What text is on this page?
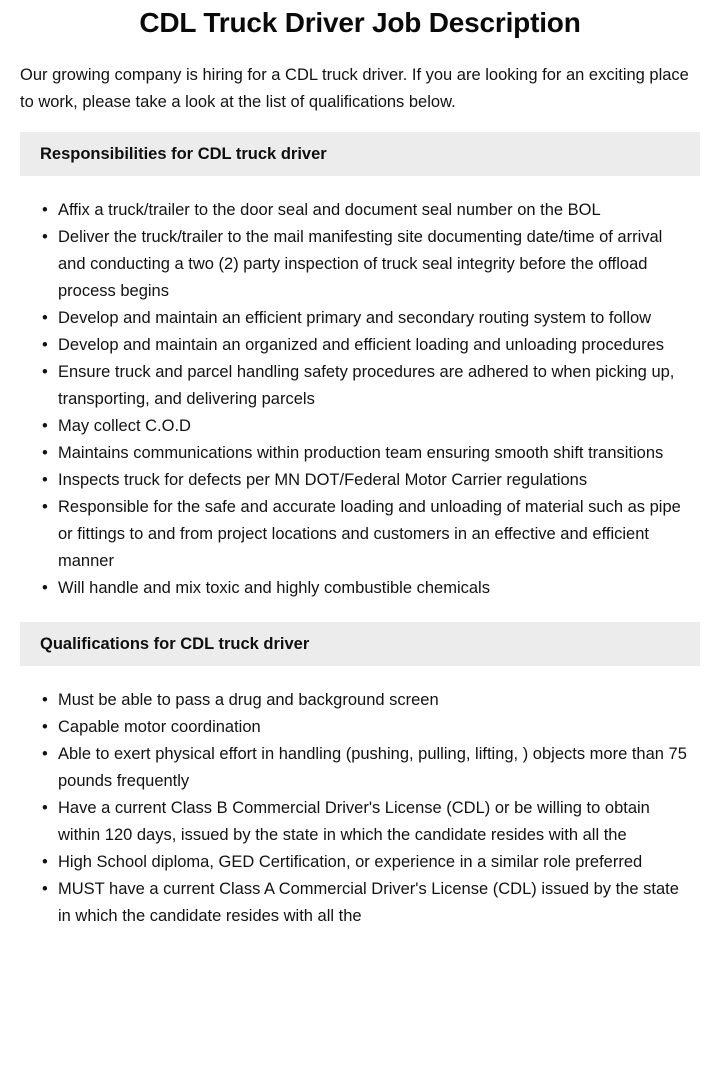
CDL Truck Driver Job Description

Our growing company is hiring for a CDL truck driver. If you are looking for an exciting place to work, please take a look at the list of qualifications below.

Responsibilities for CDL truck driver
• Affix a truck/trailer to the door seal and document seal number on the BOL
• Deliver the truck/trailer to the mail manifesting site documenting date/time of arrival and conducting a two (2) party inspection of truck seal integrity before the offload process begins
• Develop and maintain an efficient primary and secondary routing system to follow
• Develop and maintain an organized and efficient loading and unloading procedures
• Ensure truck and parcel handling safety procedures are adhered to when picking up, transporting, and delivering parcels
• May collect C.O.D
• Maintains communications within production team ensuring smooth shift transitions
• Inspects truck for defects per MN DOT/Federal Motor Carrier regulations
• Responsible for the safe and accurate loading and unloading of material such as pipe or fittings to and from project locations and customers in an effective and efficient manner
• Will handle and mix toxic and highly combustible chemicals
Qualifications for CDL truck driver
• Must be able to pass a drug and background screen
• Capable motor coordination
• Able to exert physical effort in handling (pushing, pulling, lifting, ) objects more than 75 pounds frequently
• Have a current Class B Commercial Driver's License (CDL) or be willing to obtain within 120 days, issued by the state in which the candidate resides with all the
• High School diploma, GED Certification, or experience in a similar role preferred
• MUST have a current Class A Commercial Driver's License (CDL) issued by the state in which the candidate resides with all the
